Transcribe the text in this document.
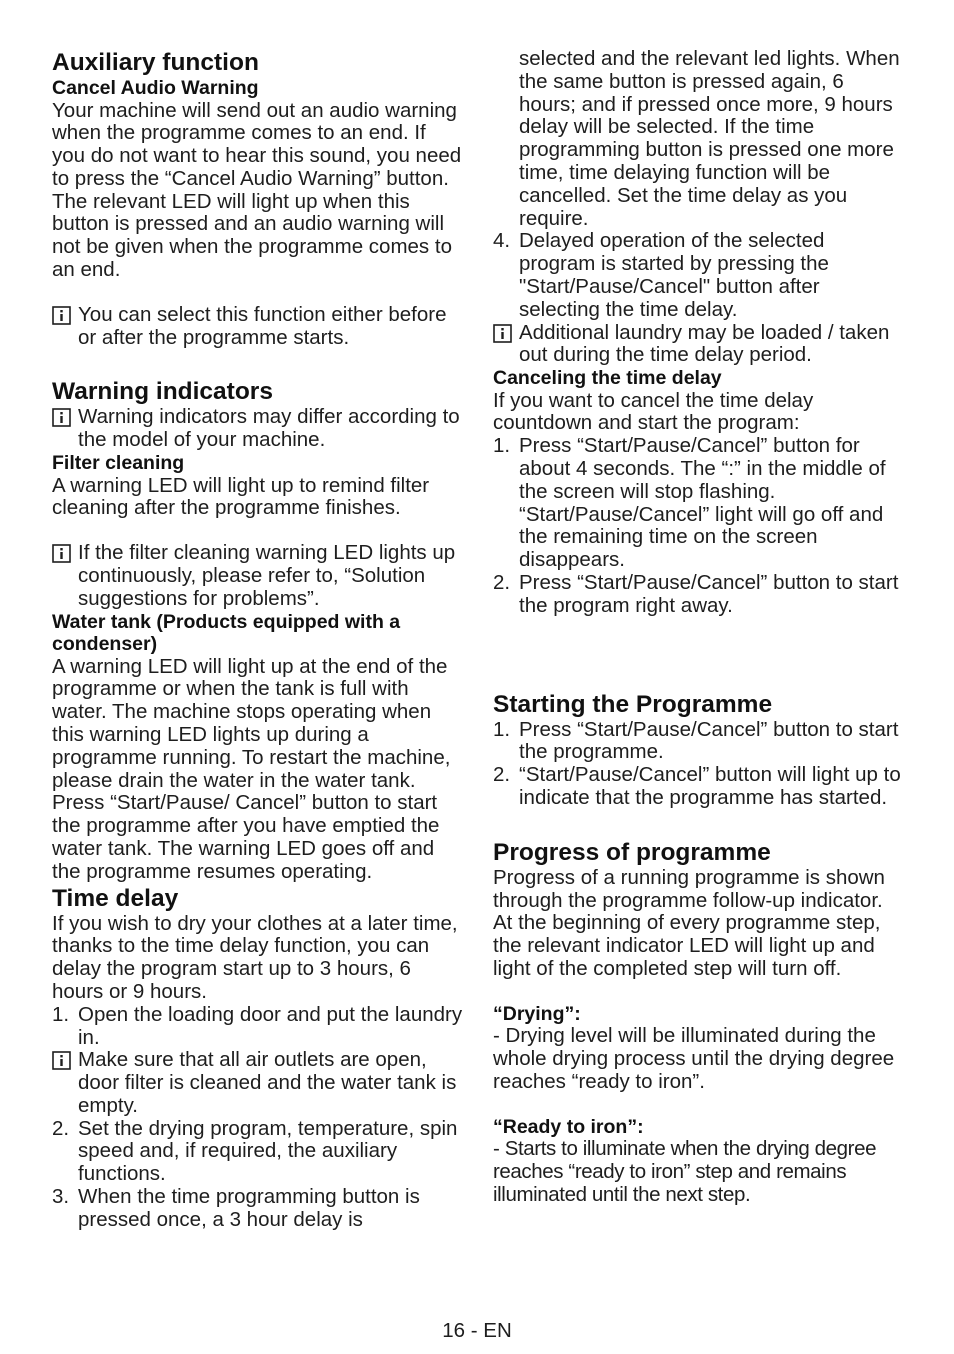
Auxiliary function
Cancel Audio Warning

Your machine will send out an audio warning when the programme comes to an end. If you do not want to hear this sound, you need to press the “Cancel Audio Warning” button. The relevant LED will light up when this button is pressed and an audio warning will not be given when the programme comes to an end.

You can select this function either before or after the programme starts.
Warning indicators
Warning indicators may differ according to the model of your machine.
Filter cleaning

A warning LED will light up to remind filter cleaning after the programme finishes.

If the filter cleaning warning LED lights up continuously, please refer to, “Solution suggestions for problems”.
Water tank (Products equipped with a condenser)

A warning LED will light up at the end of the programme or when the tank is full with water. The machine stops operating when this warning LED lights up during a programme running. To restart the machine, please drain the water in the water tank. Press “Start/Pause/ Cancel” button to start the programme after you have emptied the water tank. The warning LED goes off and the programme resumes operating.

Time delay

If you wish to dry your clothes at a later time, thanks to the time delay function, you can delay the program start up to 3 hours, 6 hours or 9 hours.

1. Open the loading door and put the laundry in.
Make sure that all air outlets are open, door filter is cleaned and the water tank is empty.
2. Set the drying program, temperature, spin speed and, if required, the auxiliary functions.
3. When the time programming button is pressed once, a 3 hour delay is
selected and the relevant led lights. When the same button is pressed again, 6 hours; and if pressed once more, 9 hours delay will be selected. If the time programming button is pressed one more time, time delaying function will be cancelled. Set the time delay as you require.
4. Delayed operation of the selected program is started by pressing the "Start/Pause/Cancel" button after selecting the time delay.
Additional laundry may be loaded / taken out during the time delay period.
Canceling the time delay

If you want to cancel the time delay countdown and start the program:

1. Press “Start/Pause/Cancel” button for about 4 seconds. The “:” in the middle of the screen will stop flashing. “Start/Pause/Cancel” light will go off and the remaining time on the screen disappears.
2. Press “Start/Pause/Cancel” button to start the program right away.
Starting the Programme
1. Press “Start/Pause/Cancel” button to start the programme.
2. “Start/Pause/Cancel” button will light up to indicate that the programme has started.
Progress of programme

Progress of a running programme is shown through the programme follow-up indicator.

At the beginning of every programme step, the relevant indicator LED will light up and light of the completed step will turn off.

“Drying”:

- Drying level will be illuminated during the whole drying process until the drying degree reaches “ready to iron”.

“Ready to iron”:

- Starts to illuminate when the drying degree reaches “ready to iron” step and remains illuminated until the next step.

16 - EN
